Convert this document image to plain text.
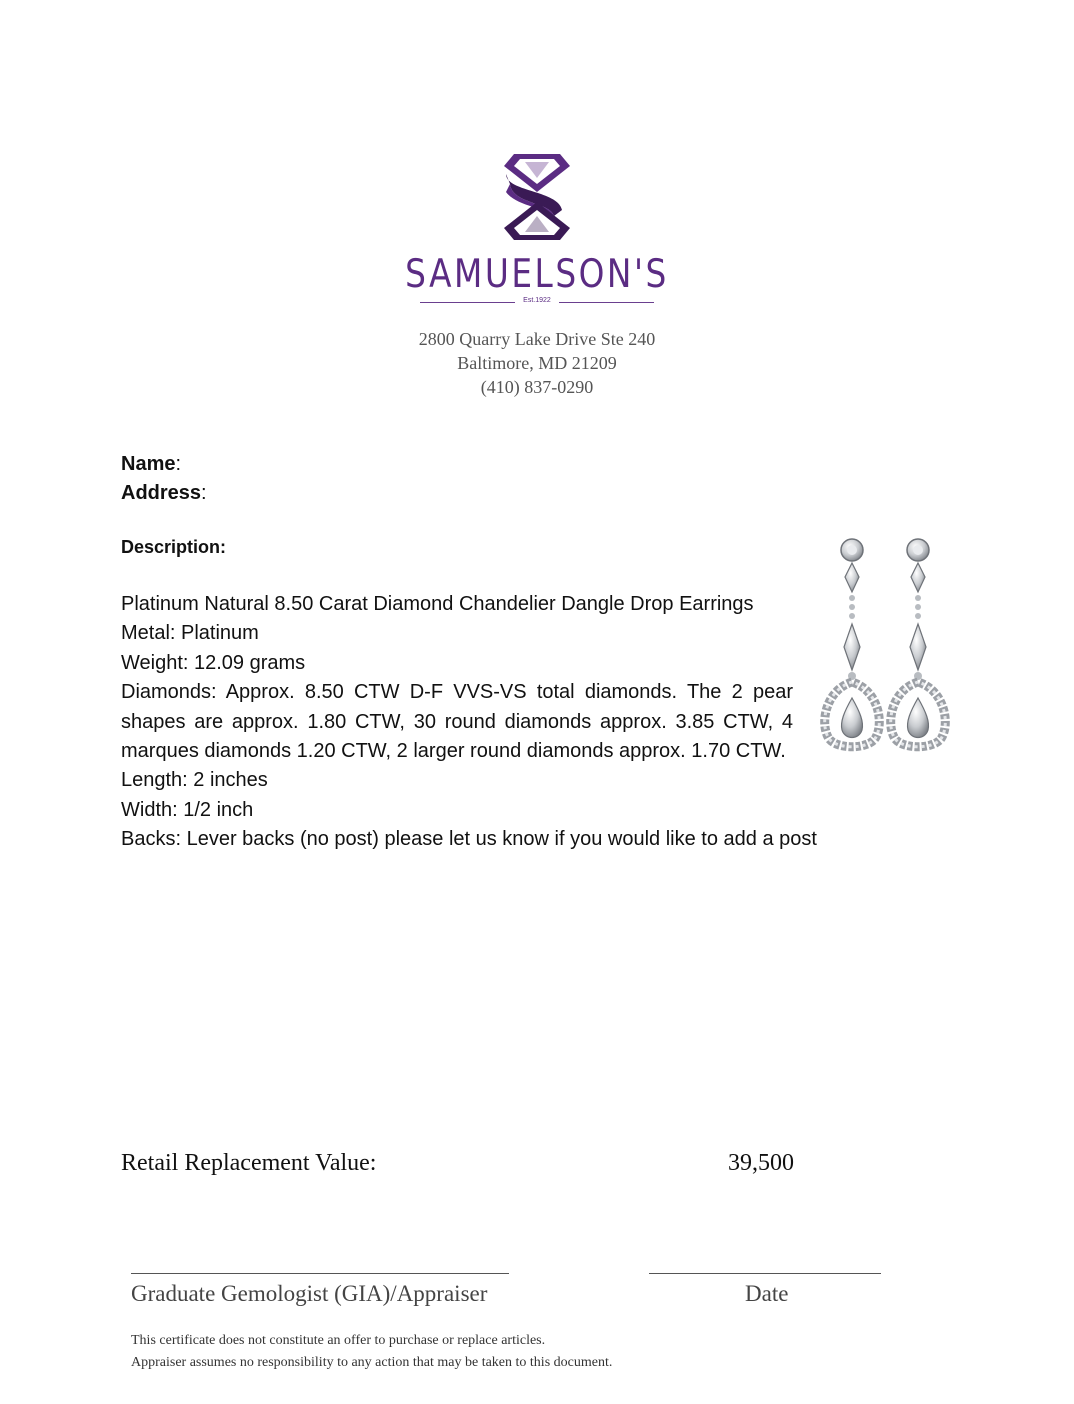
SAMUELSON'S
Est.1922
2800 Quarry Lake Drive Ste 240
Baltimore, MD 21209
(410) 837-0290
Name:
Address:
Description:

Platinum Natural 8.50 Carat Diamond Chandelier Dangle Drop Earrings

Metal: Platinum

Weight: 12.09 grams

Diamonds: Approx. 8.50 CTW D-F VVS-VS total diamonds. The 2 pear shapes are approx. 1.80 CTW, 30 round diamonds approx. 3.85 CTW, 4 marques diamonds 1.20 CTW, 2 larger round diamonds approx. 1.70 CTW.

Length: 2 inches

Width: 1/2 inch

Backs: Lever backs (no post) please let us know if you would like to add a post

Retail Replacement Value:	39,500
Graduate Gemologist (GIA)/Appraiser	Date
This certificate does not constitute an offer to purchase or replace articles.
Appraiser assumes no responsibility to any action that may be taken to this document.
